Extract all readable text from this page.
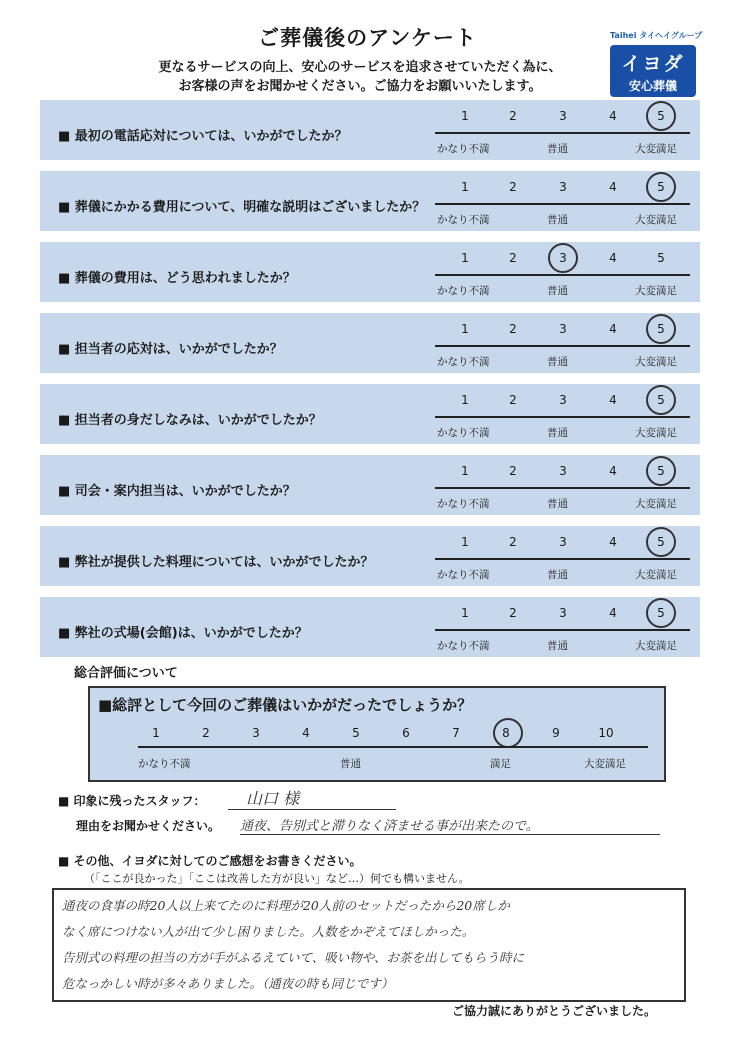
ご葬儀後のアンケート
更なるサービスの向上、安心のサービスを追求させていただく為に、
お客様の声をお聞かせください。ご協力をお願いいたします。
Taihei タイヘイグループ
イヨダ
安心葬儀
■ 最初の電話応対については、いかがでしたか？
1	2	3	4	5
かなり不満	普通	大変満足
■ 葬儀にかかる費用について、明確な説明はございましたか？
1	2	3	4	5
かなり不満	普通	大変満足
■ 葬儀の費用は、どう思われましたか？
1	2	3	4	5
かなり不満	普通	大変満足
■ 担当者の応対は、いかがでしたか？
1	2	3	4	5
かなり不満	普通	大変満足
■ 担当者の身だしなみは、いかがでしたか？
1	2	3	4	5
かなり不満	普通	大変満足
■ 司会・案内担当は、いかがでしたか？
1	2	3	4	5
かなり不満	普通	大変満足
■ 弊社が提供した料理については、いかがでしたか？
1	2	3	4	5
かなり不満	普通	大変満足
■ 弊社の式場(会館)は、いかがでしたか？
1	2	3	4	5
かなり不満	普通	大変満足
総合評価について
■総評として今回のご葬儀はいかがだったでしょうか？
1	2	3	4	5	6	7	8	9	10
かなり不満	普通	満足	大変満足
■ 印象に残ったスタッフ：	山口 様
理由をお聞かせください。 通夜、告別式と滞りなく済ませる事が出来たので。
■ その他、イヨダに対してのご感想をお書きください。
（「ここが良かった」「ここは改善した方が良い」など…）何でも構いません。
通夜の食事の時20人以上来てたのに料理が20人前のセットだったから20席しか
なく席につけない人が出て少し困りました。人数をかぞえてほしかった。
告別式の料理の担当の方が手がふるえていて、吸い物や、お茶を出してもらう時に
危なっかしい時が多々ありました。（通夜の時も同じです）
ご協力誠にありがとうございました。
